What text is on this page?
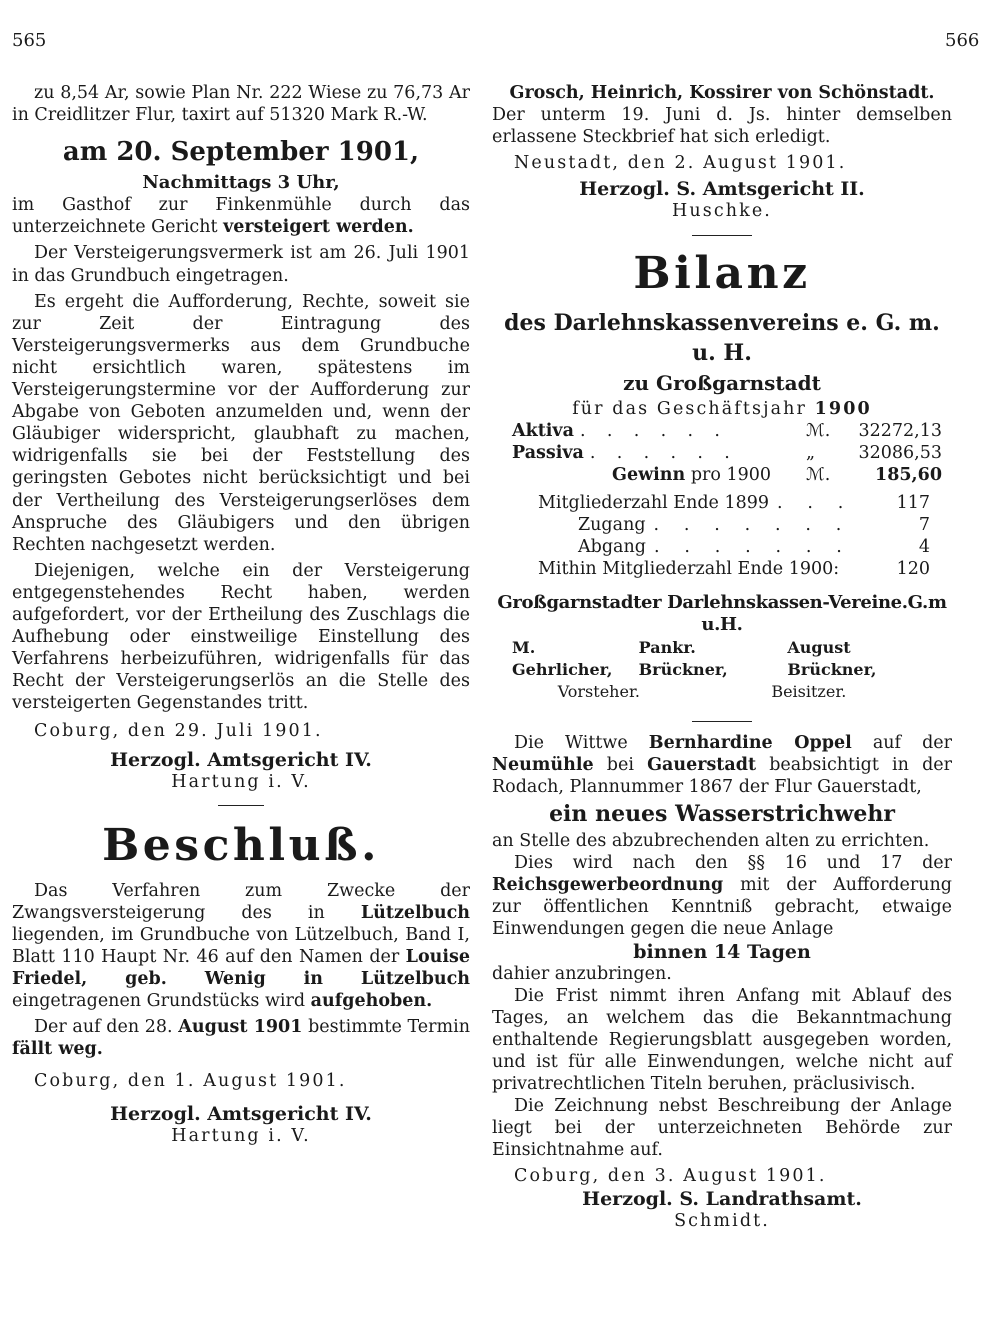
565	566

zu 8,54 Ar, sowie Plan Nr. 222 Wiese zu 76,73 Ar in Creidlitzer Flur, taxirt auf 51320 Mark R.-W.

am 20. September 1901,

Nachmittags 3 Uhr,

im Gasthof zur Finkenmühle durch das unterzeichnete Gericht versteigert werden.

Der Versteigerungsvermerk ist am 26. Juli 1901 in das Grundbuch eingetragen.

Es ergeht die Aufforderung, Rechte, soweit sie zur Zeit der Eintragung des Versteigerungsvermerks aus dem Grundbuche nicht ersichtlich waren, spätestens im Versteigerungstermine vor der Aufforderung zur Abgabe von Geboten anzumelden und, wenn der Gläubiger widerspricht, glaubhaft zu machen, widrigenfalls sie bei der Feststellung des geringsten Gebotes nicht berücksichtigt und bei der Vertheilung des Versteigerungserlöses dem Anspruche des Gläubigers und den übrigen Rechten nachgesetzt werden.

Diejenigen, welche ein der Versteigerung entgegenstehendes Recht haben, werden aufgefordert, vor der Ertheilung des Zuschlags die Aufhebung oder einstweilige Einstellung des Verfahrens herbeizuführen, widrigenfalls für das Recht der Versteigerungserlös an die Stelle des versteigerten Gegenstandes tritt.

Coburg, den 29. Juli 1901.

Herzogl. Amtsgericht IV.

Hartung i. V.

Beschluß.

Das Verfahren zum Zwecke der Zwangsversteigerung des in Lützelbuch liegenden, im Grundbuche von Lützelbuch, Band I, Blatt 110 Haupt Nr. 46 auf den Namen der Louise Friedel, geb. Wenig in Lützelbuch eingetragenen Grundstücks wird aufgehoben.

Der auf den 28. August 1901 bestimmte Termin fällt weg.

Coburg, den 1. August 1901.

Herzogl. Amtsgericht IV.

Hartung i. V.

Grosch, Heinrich, Kossirer von Schönstadt.

Der unterm 19. Juni d. Js. hinter demselben erlassene Steckbrief hat sich erledigt.

Neustadt, den 2. August 1901.

Herzogl. S. Amtsgericht II.

Huschke.

Bilanz
des Darlehnskassenvereins e. G. m. u. H.
zu Großgarnstadt

für das Geschäftsjahr 1900

Aktiva . . . . . .	ℳ.	32272,13
Passiva . . . . . .	„	32086,53
Gewinn pro 1900 ℳ.	185,60
Mitgliederzahl Ende 1899 . . .	117
Zugang . . . . . . .	7
Abgang . . . . . . .	4
Mithin Mitgliederzahl Ende 1900:	120

Großgarnstadter Darlehnskassen-Vereine.G.m u.H.

M. Gehrlicher,
Pankr. Brückner,
August Brückner,
Vorsteher.	Beisitzer.

Die Wittwe Bernhardine Oppel auf der Neumühle bei Gauerstadt beabsichtigt in der Rodach, Plannummer 1867 der Flur Gauerstadt,

ein neues Wasserstrichwehr

an Stelle des abzubrechenden alten zu errichten.

Dies wird nach den §§ 16 und 17 der Reichsgewerbeordnung mit der Aufforderung zur öffentlichen Kenntniß gebracht, etwaige Einwendungen gegen die neue Anlage

binnen 14 Tagen

dahier anzubringen.

Die Frist nimmt ihren Anfang mit Ablauf des Tages, an welchem das die Bekanntmachung enthaltende Regierungsblatt ausgegeben worden, und ist für alle Einwendungen, welche nicht auf privatrechtlichen Titeln beruhen, präclusivisch.

Die Zeichnung nebst Beschreibung der Anlage liegt bei der unterzeichneten Behörde zur Einsichtnahme auf.

Coburg, den 3. August 1901.

Herzogl. S. Landrathsamt.

Schmidt.
